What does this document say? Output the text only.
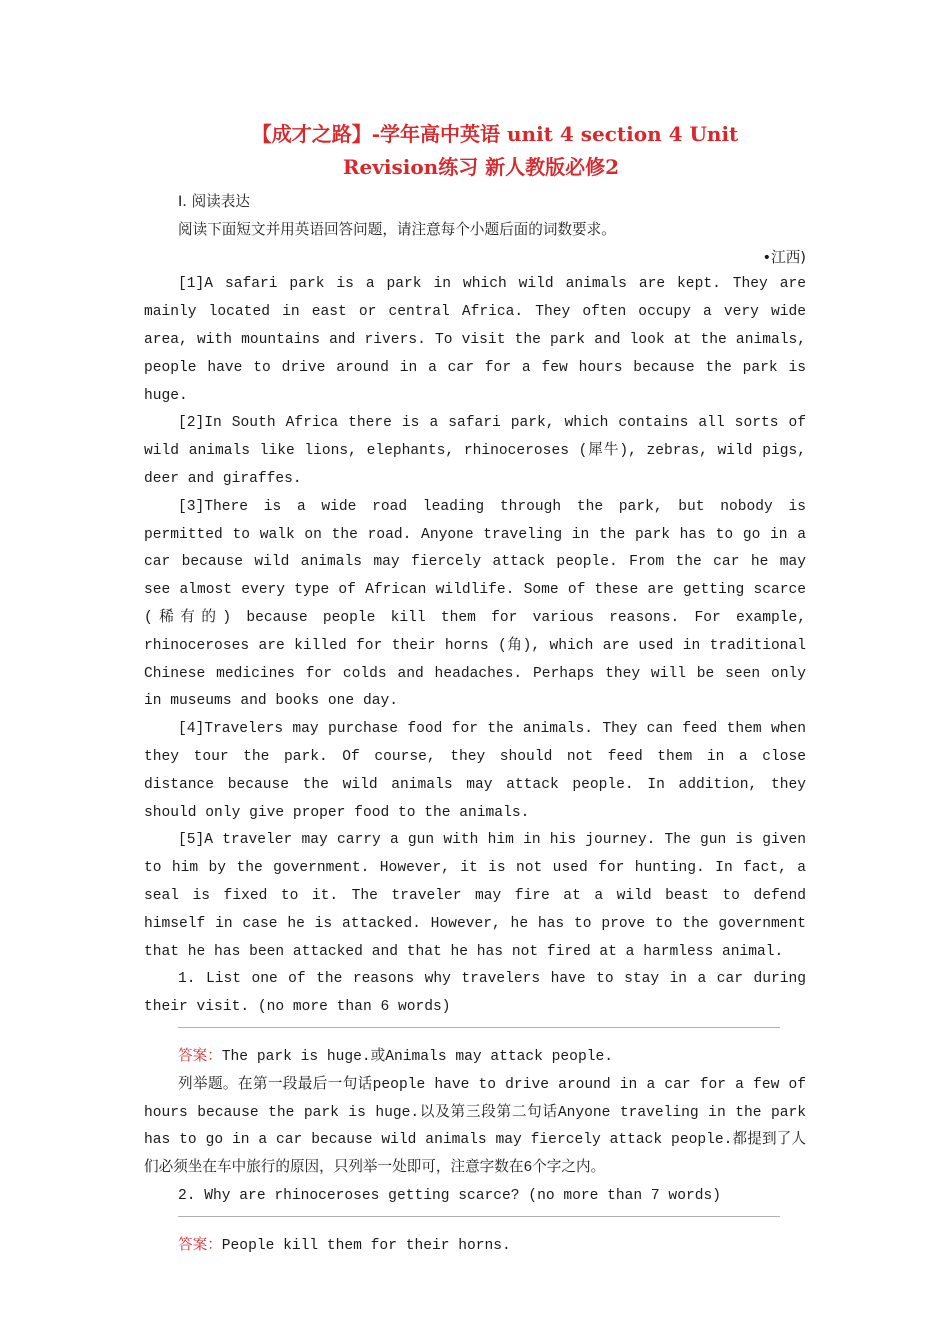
【成才之路】-学年高中英语 unit 4 section 4 Unit
Revision练习 新人教版必修2

Ⅰ. 阅读表达

阅读下面短文并用英语回答问题，请注意每个小题后面的词数要求。

•江西)

[1]A safari park is a park in which wild animals are kept. They are mainly located in east or central Africa. They often occupy a very wide area, with mountains and rivers. To visit the park and look at the animals, people have to drive around in a car for a few hours because the park is huge.

[2]In South Africa there is a safari park, which contains all sorts of wild animals like lions, elephants, rhinoceroses (犀牛), zebras, wild pigs, deer and giraffes.

[3]There is a wide road leading through the park, but nobody is permitted to walk on the road. Anyone traveling in the park has to go in a car because wild animals may fiercely attack people. From the car he may see almost every type of African wildlife. Some of these are getting scarce (稀有的) because people kill them for various reasons. For example, rhinoceroses are killed for their horns (角), which are used in traditional Chinese medicines for colds and headaches. Perhaps they will be seen only in museums and books one day.

[4]Travelers may purchase food for the animals. They can feed them when they tour the park. Of course, they should not feed them in a close distance because the wild animals may attack people. In addition, they should only give proper food to the animals.

[5]A traveler may carry a gun with him in his journey. The gun is given to him by the government. However, it is not used for hunting. In fact, a seal is fixed to it. The traveler may fire at a wild beast to defend himself in case he is attacked. However, he has to prove to the government that he has been attacked and that he has not fired at a harmless animal.

1. List one of the reasons why travelers have to stay in a car during their visit. (no more than 6 words)

答案：The park is huge.或Animals may attack people.

列举题。在第一段最后一句话people have to drive around in a car for a few of hours because the park is huge.以及第三段第二句话Anyone traveling in the park has to go in a car because wild animals may fiercely attack people.都提到了人们必须坐在车中旅行的原因，只列举一处即可，注意字数在6个字之内。

2. Why are rhinoceroses getting scarce? (no more than 7 words)

答案：People kill them for their horns.
